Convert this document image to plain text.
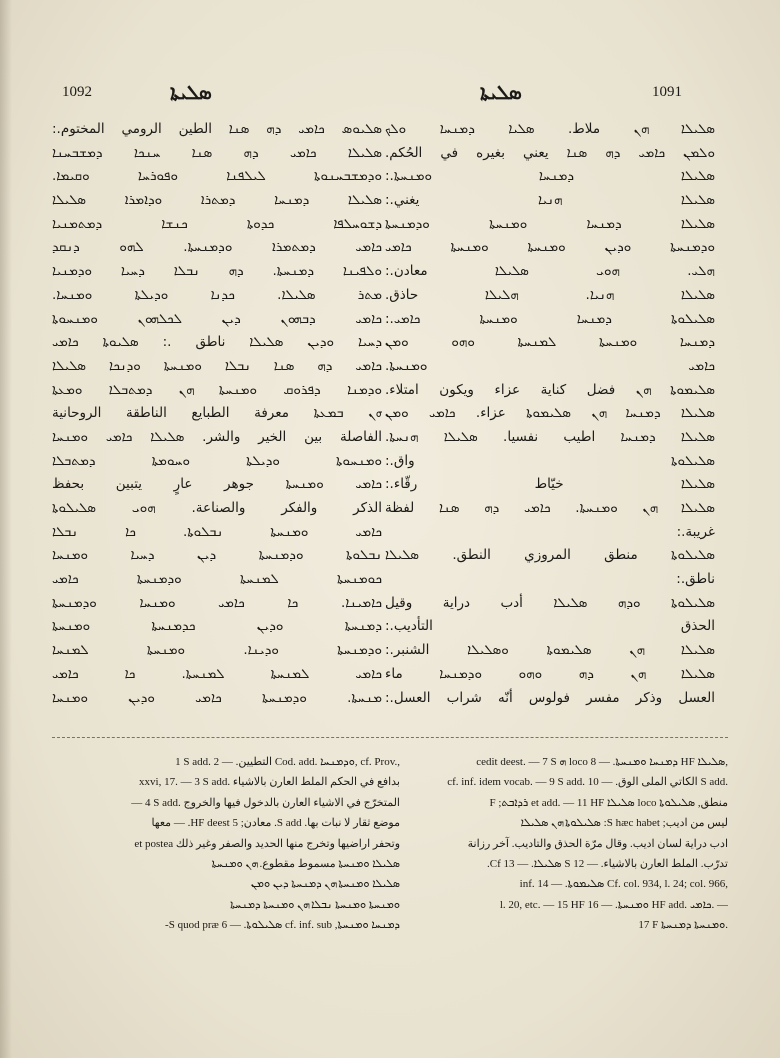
1092	ܣܠܝܬܐ	ܣܠܝܬܐ	1091
ܣܠܝܘܣ ܟܐܡܝ ܕܗ ܣܢܐ الطين الرومي المختوم.:
ܣܠܝܠܐ ܟܐܡܝ ܕܗ ܣܢܐ ܚܢܟܐ ܕܡܫܒܚܢܐ
ܘܕܡܫܒܚܢܘܬܐ ܠܝܠܦܢܐ ܘܦܘܪܚܐ ܘܩܝܡܐ.
ܣܠܝܠܐ ܕܡܢܚܐ ܕܡܬܪܐ ܘܕܐܡܪܐ ܣܠܝܠܐ
ܕܫܘܚܠܦܐ ܟܕܘܬܐ ܟܢܫܐ ܕܡܬܡܢܝܐ
ܟܐܡܝ ܕܡܬܡܪܐ ܘܕܡܢܚܬܐ. ܠܗܘ ܕܢܩܕ
ܘܠܦܝܢܐ ܕܡܢܚܬܐ. ܕܗ ܢܒܠܐ ܕܚܝܐ ܘܕܡܢܝܐ
ܡܬܪ ܣܠܝܠܐ. ܟܕܢܐ ܘܕܝܠܬܐ ܘܡܢܚܐ.
ܟܐܡܝ ܕܒܗܘܢ ܕܝܢ ܠܟܠܗܘܢ ܘܡܢܚܘܬܐ
ܕܚܝܐ ܘܕܝܢ ܣܠܝܠܐ ناطق .: ܣܠܝܘܬܐ ܟܐܡܝ
ܟܐܡܝ ܕܗ ܣܢܐ ܢܒܠܐ ܘܡܢܚܬܐ ܘܕܢܟܐ ܣܠܝܠܐ
ܘܕܡܢܐ ܕܦܪܘܩ ܘܡܢܚܬܐ ܗܢ ܕܡܬܒܠܐ ܘܡܥܬܐ
ܗܢ ܒܡܥܬܐ معرفة الطبايع الناطقة الروحانية
الفاصلة بين الخير والشر. ܣܠܝܠܐ ܟܐܡܝ ܘܡܢܚܐ
ܘܡܢܚܘܬܐ ܘܕܝܠܬܐ ܘܚܘܡܬܐ ܕܡܬܒܠܐ
ܟܐܡܝ ܘܡܢܚܬܐ جوهر عارٍ يتبين بحفظ
الذكر والفكر والصناعة. ܗܘܝ ܣܠܝܠܘܬܐ
ܟܐܡܝ ܘܡܢܚܬܐ ܢܒܠܘܬܐ. ܟܐ ܢܒܠܐ
ܢܒܠܘܬܐ ܘܕܡܢܚܬܐ ܕܝܢ ܕܚܝܐ ܘܡܢܚܐ
ܟܘܡܢܚܬܐ ܠܡܢܚܬܐ ܘܕܡܢܚܬܐ ܟܐܡܝ
ܟܐܡܝܢܐ. ܟܐ ܟܐܡܝ ܘܡܢܚܐ ܘܕܡܢܚܬܐ
ܕܡܢܚܬܐ ܘܕܝܢ ܟܕܡܢܚܬܐ ܘܡܢܚܬܐ
ܘܕܡܢܚܬܐ ܘܕܝܢܐ. ܘܡܢܚܬܐ ܠܡܢܚܐ
ܟܐܡܝ ܠܡܢܚܬܐ ܠܡܢܚܬܐ. ܟܐ ܟܐܡܝ
ܡܢܚܬܐ. ܘܕܡܢܚܬܐ ܟܐܡܝ ܘܕܝܢ ܘܡܢܚܐ
ܣܠܝܠܐ ܗܢ ملاط. ܣܠܝܐ ܕܡܢܚܐ ܘܠܟ
ܘܠܡܢ ܟܐܡܝ ܕܗ ܣܢܐ يعني بغيره في الحُكم.
ܣܠܝܠܐ ܕܡܢܚܐ ܘܡܢܚܬܐ.:
ܣܠܝܠܐ ܗܢܝܐ يغني.:
ܣܠܝܠܐ ܕܡܢܚܐ ܘܡܢܚܬܐ ܘܕܡܢܚܬܐ
ܘܕܡܢܚܬܐ ܘܕܝܢ ܘܡܢܚܬܐ ܘܡܢܚܬܐ ܟܐܡܝ
ܗܠܝ. ܗܘܝ ܣܠܝܠܐ معادن.:
ܣܠܝܠܐ ܗܢܝܐ. ܗܠܝܠܐ حاذق.
ܣܠܝܠܘܬܐ ܕܡܢܚܐ ܘܡܢܚܬܐ ܟܐܡܝ.:
ܕܡܢܚܐ ܘܡܢܚܬܐ ܠܡܢܚܬܐ ܘܗܘ ܘܡܢ
ܟܐܡܝ ܘܡܢܚܬܐ.
ܣܠܝܡܘܬܐ ܗܢ فضل كناية عزاء ويكون امتلاء.
ܣܠܝܠܐ ܕܡܢܚܐ ܗܢ ܣܠܝܡܘܬܐ عزاء. ܟܐܡܝ ܘܡܢ
ܣܠܝܠܐ ܕܡܢܚܐ اطيب نفسيا. ܣܠܝܠܐ ܗܢܚܬܐ.
ܣܠܝܠܘܬܐ واق.:
ܣܠܝܠܐ خيّاط رقّاء.:
ܣܠܝܠܐ ܗܢ ܘܡܢܚܬܐ. ܟܐܡܝ ܕܗ ܣܢܐ لفظة
غريبة.:
ܣܠܝܠܘܬܐ منطق المروزي النطق. ܣܠܝܠܐ
ناطق.:
ܣܠܝܠܘܬܐ ܘܕܗ ܣܠܝܠܐ أدب دراية وقيل
الحذق التأديب.:
ܣܠܝܠܐ ܗܢ ܣܠܝܡܘܬܐ ܘܣܠܝܠܐ الشنبر.:
ܣܠܝܠܐ ܗܢ ܕܗ ܘܗܘ ܘܕܡܢܚܐ ماء
العسل وذكر مفسر فولوس أنّه شراب العسل.:
1 S add. التطيين. — 2 Cod. add. ܘܕܡܢܚܐ, cf. Prov.,
xxvi, 17. — 3 S add. بدافع في الحكم الملط العارن بالاشياء
— 4 S add. المتخرّج في الاشياء العارن بالدخول فيها والخروج
موضع ثقار لا نبات بها. S add. معادن; 5 HF deest. — معها
وتحفر اراضيها وتخرج منها الحديد والصفر وغير ذلك et postea
ܣܠܝܠܐ ܘܡܢܚܬܐ مسموط مقطوع. ܗܢ ܘܡܢܚܬܐ
ܣܠܝܠܐ ܘܡܢܚܬܐ ܗܢ ܕܡܢܚܬܐ ܕܝܢ ܘܡܢ
ܘܡܢܚܬܐ ܘܡܢܚܬܐ ܢܒܠܐ ܗܢ ܘܡܢܚܬܐ ܕܡܢܚܬܐ
ܕܡܢܚܐ ܘܡܢܚܬܐ, cf. inf. sub ܣܠܝܠܘܬܐ. — 6 S quod præ-
cedit deest. — 7 S ܗ loco ܕܡܢܚܐ ܘܡܢܚܬܐ. — 8 HF ܣܠܝܠܐ,
cf. inf. idem vocab. — 9 S add. الكاتي الملى الوق. — 10 S add.
منطق, ܣܠܝܠܘܬܐ loco ܣܠܝܠܐ et add. — 11 HF ܪܕܐܒܬ; F
ليس من اديب; S hæc habet: ܣܠܝܠܘܬܐ ܗܢ ܣܠܝܠܐ
ادب دراية لسان اديب. وقال مرّة الحذق والتاديب. آخر رزانة
تدرّب. الملط العارن بالاشياء. — 12 S ܣܠܝܠܐ. — 13 Cf.
inf. ܣܠܝܡܘܬܐ. — 14 Cf. col. 934, l. 24; col. 966,
l. 20, etc. — 15 HF ܘܡܢܚܬܐ. — 16 HF add. ܟܐܡܝ. —
17 F ܘܡܢܚܬܐ ܕܡܢܚܬܐ.
